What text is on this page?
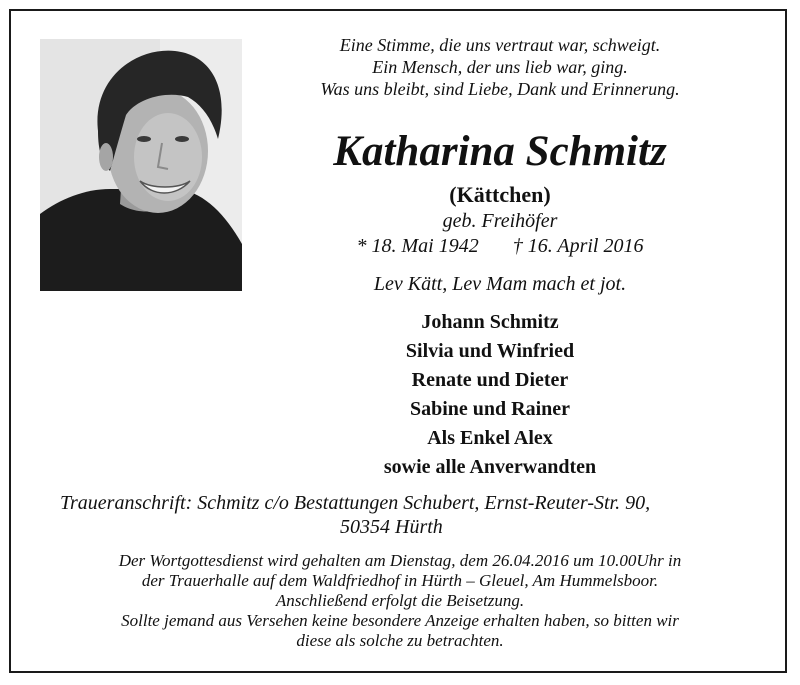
Eine Stimme, die uns vertraut war, schweigt.
Ein Mensch, der uns lieb war, ging.
Was uns bleibt, sind Liebe, Dank und Erinnerung.
Katharina Schmitz
(Kättchen)
geb. Freihöfer
* 18. Mai 1942 † 16. April 2016
Lev Kätt, Lev Mam mach et jot.
Johann Schmitz
Silvia und Winfried
Renate und Dieter
Sabine und Rainer
Als Enkel Alex
sowie alle Anverwandten
Traueranschrift: Schmitz c/o Bestattungen Schubert, Ernst-Reuter-Str. 90,
50354 Hürth
Der Wortgottesdienst wird gehalten am Dienstag, dem 26.04.2016 um 10.00Uhr in
der Trauerhalle auf dem Waldfriedhof in Hürth – Gleuel, Am Hummelsboor.
Anschließend erfolgt die Beisetzung.
Sollte jemand aus Versehen keine besondere Anzeige erhalten haben, so bitten wir
diese als solche zu betrachten.
